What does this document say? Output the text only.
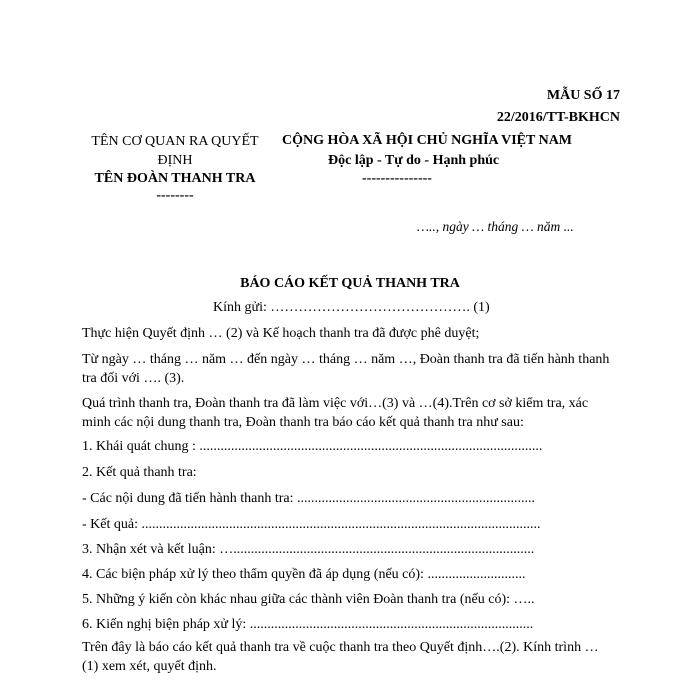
MẪU SỐ 17
22/2016/TT-BKHCN
TÊN CƠ QUAN RA QUYẾT ĐỊNH
TÊN ĐOÀN THANH TRA
--------
CỘNG HÒA XÃ HỘI CHỦ NGHĨA VIỆT NAM
Độc lập - Tự do - Hạnh phúc
---------------
….., ngày … tháng … năm ...
BÁO CÁO KẾT QUẢ THANH TRA
Kính gửi: ……………………………………. (1)
Thực hiện Quyết định … (2) và Kế hoạch thanh tra đã được phê duyệt;
Từ ngày … tháng … năm … đến ngày … tháng … năm …, Đoàn thanh tra đã tiến hành thanh tra đối với …. (3).
Quá trình thanh tra, Đoàn thanh tra đã làm việc với…(3) và …(4).Trên cơ sở kiểm tra, xác minh các nội dung thanh tra, Đoàn thanh tra báo cáo kết quả thanh tra như sau:
1. Khái quát chung : ..................................................................................................
2. Kết quả thanh tra:
- Các nội dung đã tiến hành thanh tra: ....................................................................
- Kết quả: ..................................................................................................................
3. Nhận xét và kết luận: …......................................................................................
4. Các biện pháp xử lý theo thẩm quyền đã áp dụng (nếu có): ............................
5. Những ý kiến còn khác nhau giữa các thành viên Đoàn thanh tra (nếu có): …..
6. Kiến nghị biện pháp xử lý: .................................................................................
Trên đây là báo cáo kết quả thanh tra về cuộc thanh tra theo Quyết định….(2). Kính trình … (1) xem xét, quyết định.
